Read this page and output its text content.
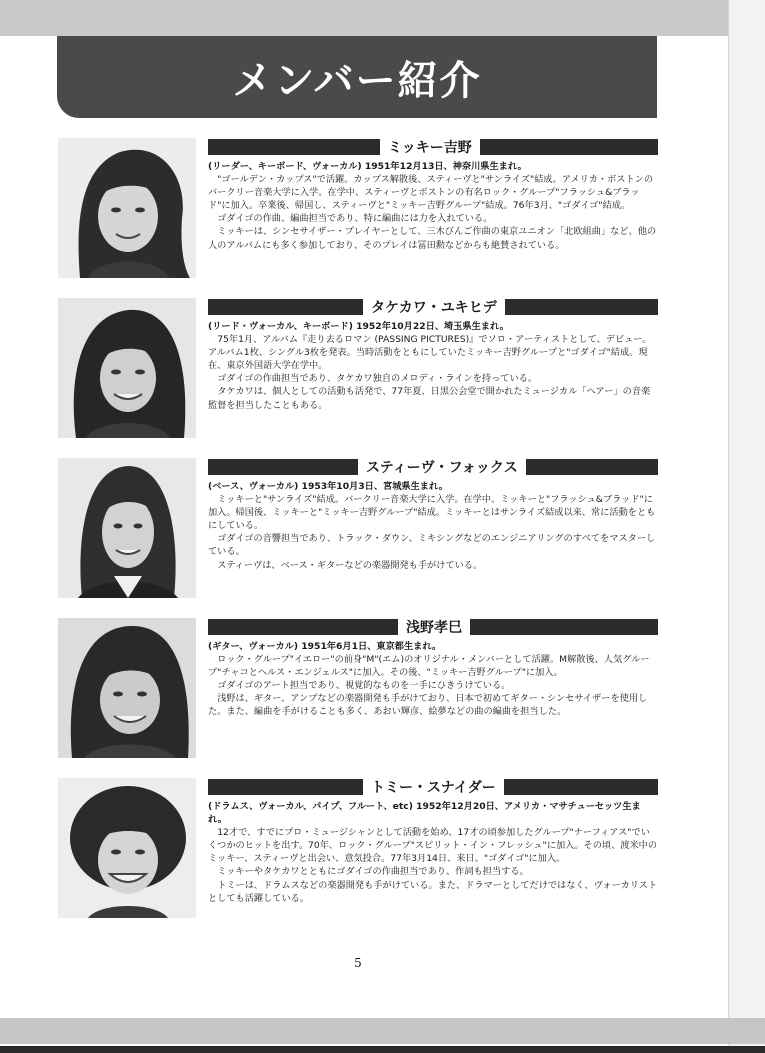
メンバー紹介
ミッキー吉野
(リーダー、キーボード、ヴォーカル) 1951年12月13日、神奈川県生まれ。

"ゴールデン・カップス"で活躍。カップス解散後、スティーヴと"サンライズ"結成。アメリカ・ボストンのバークリー音楽大学に入学。在学中、スティーヴとボストンの有名ロック・グループ"フラッシュ&ブラッド"に加入。卒業後、帰国し、スティーヴと"ミッキー吉野グループ"結成。76年3月、"ゴダイゴ"結成。

ゴダイゴの作曲、編曲担当であり、特に編曲には力を入れている。

ミッキーは、シンセサイザー・プレイヤーとして、三木びんご作曲の東京ユニオン「北欧組曲」など、他の人のアルバムにも多く参加しており、そのプレイは冨田勲などからも絶賛されている。

タケカワ・ユキヒデ
(リード・ヴォーカル、キーボード) 1952年10月22日、埼玉県生まれ。

75年1月、アルバム『走り去るロマン (PASSING PICTURES)』でソロ・アーティストとして、デビュー。アルバム1枚、シングル3枚を発表。当時活動をともにしていたミッキー吉野グループと"ゴダイゴ"結成。現在、東京外国語大学在学中。

ゴダイゴの作曲担当であり、タケカワ独自のメロディ・ラインを持っている。

タケカワは、個人としての活動も活発で、77年夏、日黒公会堂で開かれたミュージカル「ヘアー」の音楽監督を担当したこともある。

スティーヴ・フォックス
(ベース、ヴォーカル) 1953年10月3日、宮城県生まれ。

ミッキーと"サンライズ"結成。バークリー音楽大学に入学。在学中、ミッキーと"フラッシュ&ブラッド"に加入。帰国後、ミッキーと"ミッキー吉野グループ"結成。ミッキーとはサンライズ結成以来、常に活動をともにしている。

ゴダイゴの音響担当であり、トラック・ダウン、ミキシングなどのエンジニアリングのすべてをマスターしている。

スティーヴは、ベース・ギターなどの楽器開発も手がけている。

浅野孝巳
(ギター、ヴォーカル) 1951年6月1日、東京都生まれ。

ロック・グループ"イエロー"の前身"M"(エム)のオリジナル・メンバーとして活躍。M解散後、人気グループ"チャコとヘルス・エンジェルス"に加入。その後、"ミッキー吉野グループ"に加入。

ゴダイゴのアート担当であり、視覚的なものを一手にひきうけている。

浅野は、ギター、アンプなどの楽器開発も手がけており、日本で初めてギター・シンセサイザーを使用した。また、編曲を手がけることも多く、あおい輝彦、絵夢などの曲の編曲を担当した。

トミー・スナイダー
(ドラムス、ヴォーカル、パイプ、フルート、etc) 1952年12月20日、アメリカ・マサチューセッツ生まれ。

12才で、すでにプロ・ミュージシャンとして活動を始め、17才の頃参加したグループ"ナーフィアス"でいくつかのヒットを出す。70年、ロック・グループ"スピリット・イン・フレッシュ"に加入。その頃、渡米中のミッキー、スティーヴと出会い、意気投合。77年3月14日、来日。"ゴダイゴ"に加入。

ミッキーやタケカワとともにゴダイゴの作曲担当であり、作詞も担当する。

トミーは、ドラムスなどの楽器開発も手がけている。また、ドラマーとしてだけではなく、ヴォーカリストとしても活躍している。

5
